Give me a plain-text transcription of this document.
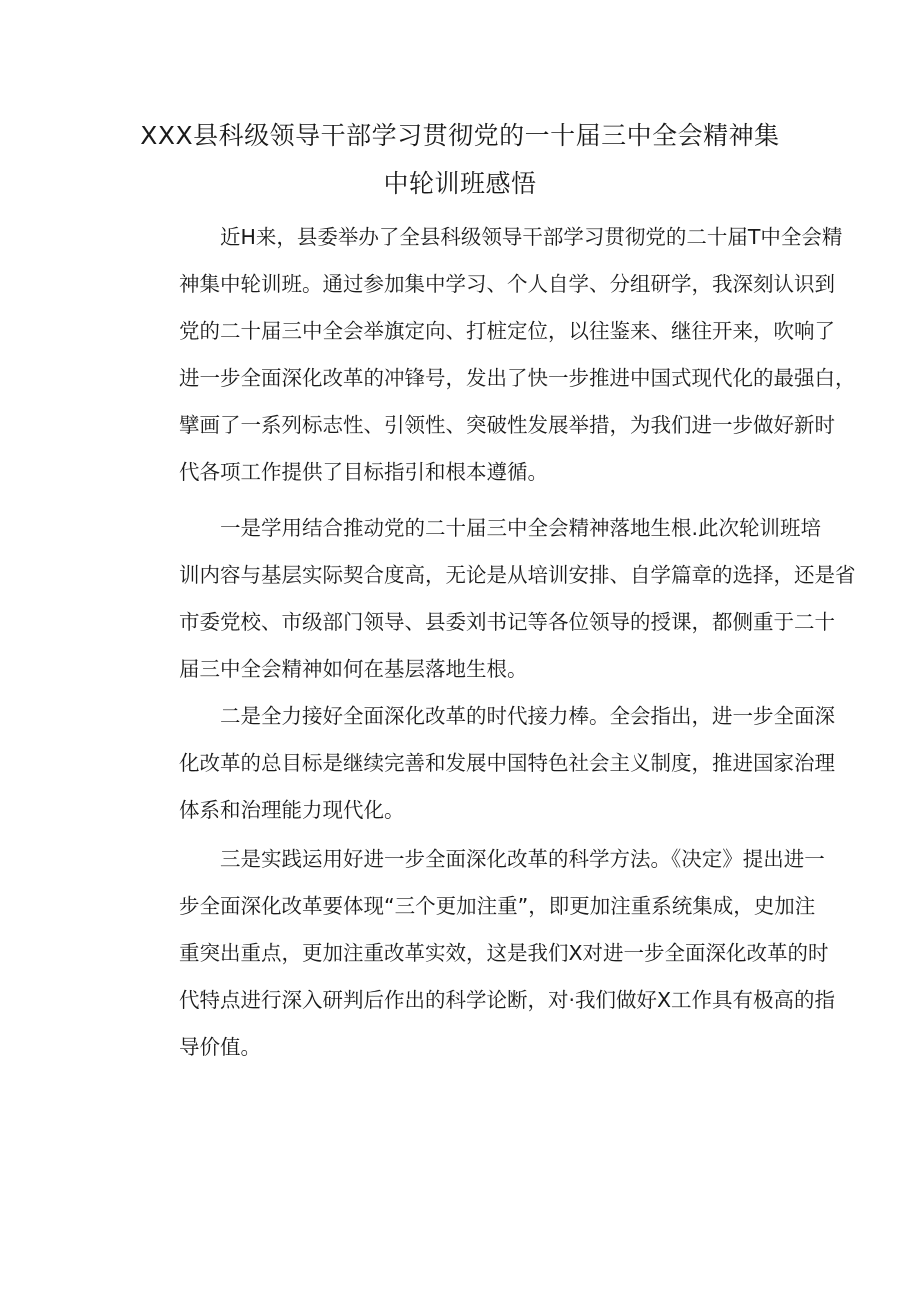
XXX县科级领导干部学习贯彻党的一十届三中全会精神集
中轮训班感悟
近H来，县委举办了全县科级领导干部学习贯彻党的二十届T中全会精
神集中轮训班。通过参加集中学习、个人自学、分组研学，我深刻认识到
党的二十届三中全会举旗定向、打桩定位，以往鉴来、继往开来，吹响了
进一步全面深化改革的冲锋号，发出了快一步推进中国式现代化的最强白，
擘画了一系列标志性、引领性、突破性发展举措，为我们进一步做好新时
代各项工作提供了目标指引和根本遵循。
一是学用结合推动党的二十届三中全会精神落地生根.此次轮训班培
训内容与基层实际契合度高，无论是从培训安排、自学篇章的选择，还是省
市委党校、市级部门领导、县委刘书记等各位领导的授课，都侧重于二十
届三中全会精神如何在基层落地生根。
二是全力接好全面深化改革的时代接力棒。全会指出，进一步全面深
化改革的总目标是继续完善和发展中国特色社会主义制度，推进国家治理
体系和治理能力现代化。
三是实践运用好进一步全面深化改革的科学方法。《决定》提出进一
步全面深化改革要体现“三个更加注重”，即更加注重系统集成，史加注
重突出重点，更加注重改革实效，这是我们X对进一步全面深化改革的时
代特点进行深入研判后作出的科学论断，对·我们做好X工作具有极高的指
导价值。
